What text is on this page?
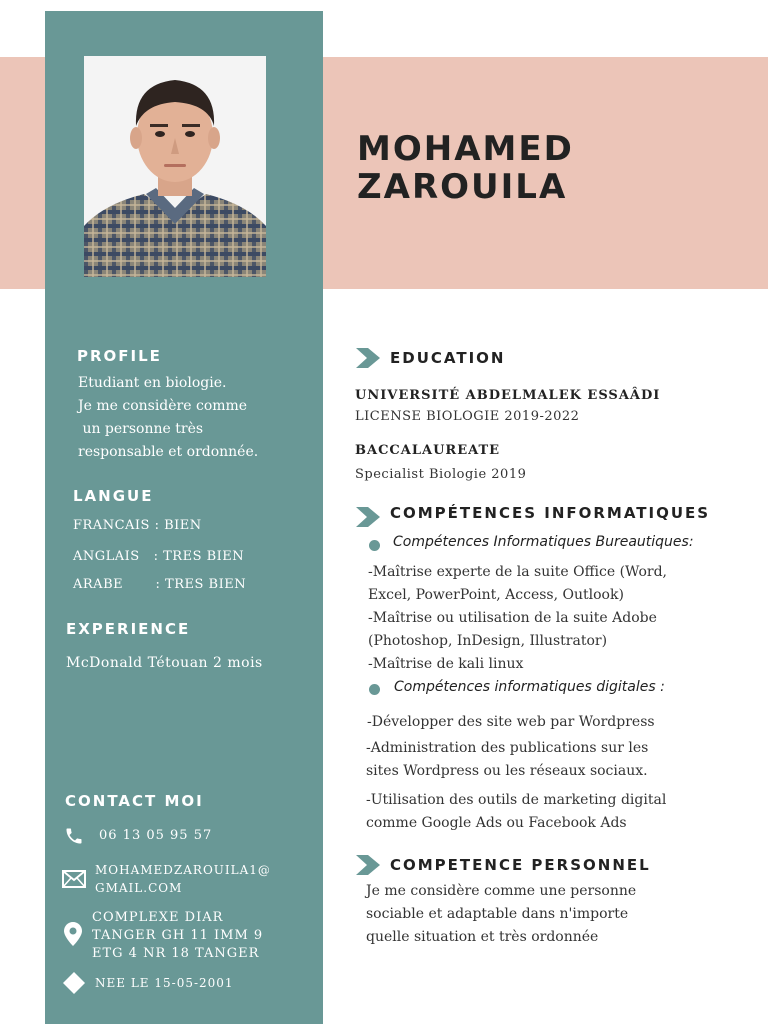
MOHAMED
ZAROUILA
PROFILE
Etudiant en biologie.
Je me considère comme
un personne très
responsable et ordonnée.
LANGUE
FRANCAIS : BIEN
ANGLAIS   : TRES BIEN
ARABE       : TRES BIEN
EXPERIENCE
McDonald Tétouan 2 mois
CONTACT MOI
06 13 05 95 57
MOHAMEDZAROUILA1@
GMAIL.COM
COMPLEXE DIAR
TANGER GH 11 IMM 9
ETG 4 NR 18 TANGER
NEE LE 15-05-2001
EDUCATION
UNIVERSITÉ ABDELMALEK ESSAÂDI
LICENSE BIOLOGIE 2019-2022
BACCALAUREATE
Specialist Biologie 2019
COMPÉTENCES INFORMATIQUES
Compétences Informatiques Bureautiques:
-Maîtrise experte de la suite Office (Word,
Excel, PowerPoint, Access, Outlook)
-Maîtrise ou utilisation de la suite Adobe
(Photoshop, InDesign, Illustrator)
-Maîtrise de kali linux
Compétences informatiques digitales :
-Développer des site web par Wordpress
-Administration des publications sur les
sites Wordpress ou les réseaux sociaux.
-Utilisation des outils de marketing digital
comme Google Ads ou Facebook Ads
COMPETENCE PERSONNEL
Je me considère comme une personne
sociable et adaptable dans n'importe
quelle situation et très ordonnée
